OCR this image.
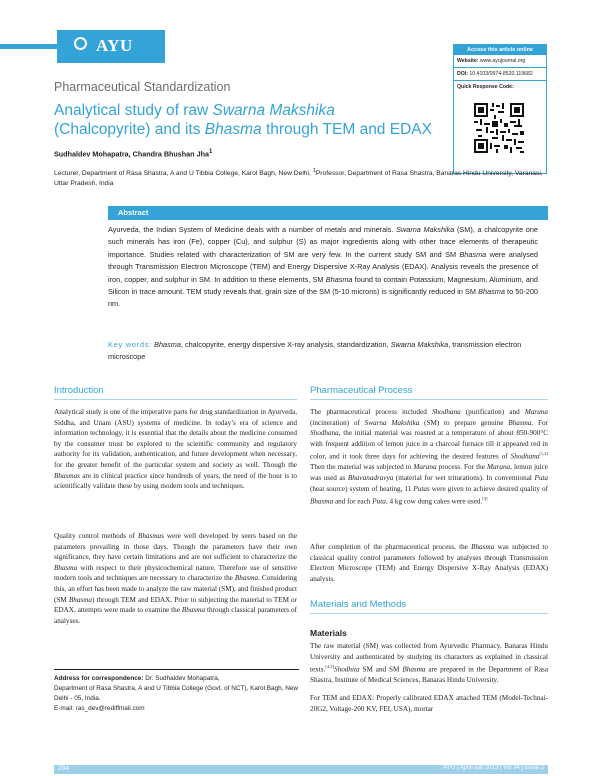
AYU	Access this article online
Website: www.ayujournal.org
DOI: 10.4103/0974-8520.119682
Quick Response Code:
Pharmaceutical Standardization
Analytical study of raw Swarna Makshika (Chalcopyrite) and its Bhasma through TEM and EDAX
Sudhaldev Mohapatra, Chandra Bhushan Jha$^1$
Lecturer, Department of Rasa Shastra, A and U Tibbia College, Karol Bagh, New Delhi, $^1$Professor, Department of Rasa Shastra, Banaras Hindu University, Varanasi, Uttar Pradesh, India
Abstract
Ayurveda, the Indian System of Medicine deals with a number of metals and minerals. Swarna Makshika (SM), a chalcopyrite one such minerals has iron (Fe), copper (Cu), and sulphur (S) as major ingredients along with other trace elements of therapeutic importance. Studies related with characterization of SM are very few. In the current study SM and SM Bhasma were analysed through Transmission Electron Microscope (TEM) and Energy Dispersive X-Ray Analysis (EDAX). Analysis reveals the presence of iron, copper, and sulphur in SM. In addition to these elements, SM Bhasma found to contain Potassium, Magnesium, Aluminum, and Silicon in trace amount. TEM study reveals that, grain size of the SM (5-10 microns) is significantly reduced in SM Bhasma to 50-200 nm.
Key words: Bhasma, chalcopyrite, energy dispersive X-ray analysis, standardization, Swarna Makshika, transmission electron microscope
Introduction
Analytical study is one of the imperative parts for drug standardization in Ayurveda, Siddha, and Unani (ASU) systems of medicine. In today’s era of science and information technology, it is essential that the details about the medicine consumed by the consumer must be explored to the scientific community and regulatory authority for its validation, authentication, and future development when necessary, for the greater benefit of the particular system and society as well. Though the Bhasmas are in clinical practice since hundreds of years, the need of the hour is to scientifically validate these by using modern tools and techniques.
Quality control methods of Bhasmas were well developed by seers based on the parameters prevailing in those days. Though the parameters have their own significance, they have certain limitations and are not sufficient to characterize the Bhasma with respect to their physicochemical nature. Therefore use of sensitive modern tools and techniques are necessary to characterize the Bhasma. Considering this, an effort has been made to analyze the raw material (SM), and finished product (SM Bhasma) through TEM and EDAX. Prior to subjecting the material to TEM or EDAX, attempts were made to examine the Bhasma through classical parameters of analyses.
Address for correspondence: Dr. Sudhaldev Mohapatra,
Department of Rasa Shastra, A and U Tibbia College (Govt. of NCT), Karol Bagh, New Delhi - 05, India.
E-mail: ras_dev@rediffmail.com
Pharmaceutical Process
The pharmaceutical process included Shodhana (purification) and Marana (incineration) of Swarna Makshika (SM) to prepare genuine Bhasma. For Shodhana, the initial material was roasted at a temperature of about 850-900°C with frequent addition of lemon juice in a charcoal furnace till it appeared red in color, and it took three days for achieving the desired features of Shodhana[1,2] Then the material was subjected to Marana process. For the Marana, lemon juice was used as Bhavanadravya (material for wet triturations). In conventional Puta (heat source) system of heating, 11 Putas were given to achieve desired quality of Bhasma and for each Puta, 4 kg cow dung cakes were used.[3]
After completion of the pharmaceutical process, the Bhasma was subjected to classical quality control parameters followed by analyses through Transmission Electron Microscope (TEM) and Energy Dispersive X-Ray Analysis (EDAX) analysis.
Materials and Methods
Materials
The raw material (SM) was collected from Ayurvedic Pharmacy, Banaras Hindu University and authenticated by studying its characters as explained in classical texts.[4,5]Shodhita SM and SM Bhasma are prepared in the Department of Rasa Shastra, Institute of Medical Sciences, Banaras Hindu University.
For TEM and EDAX: Properly calibrated EDAX attached TEM (Model-Technai-20G2, Voltage-200 KV, FEI, USA), mortar
204	AYU | April-Jun 2013 | Vol 34 | Issue 2
